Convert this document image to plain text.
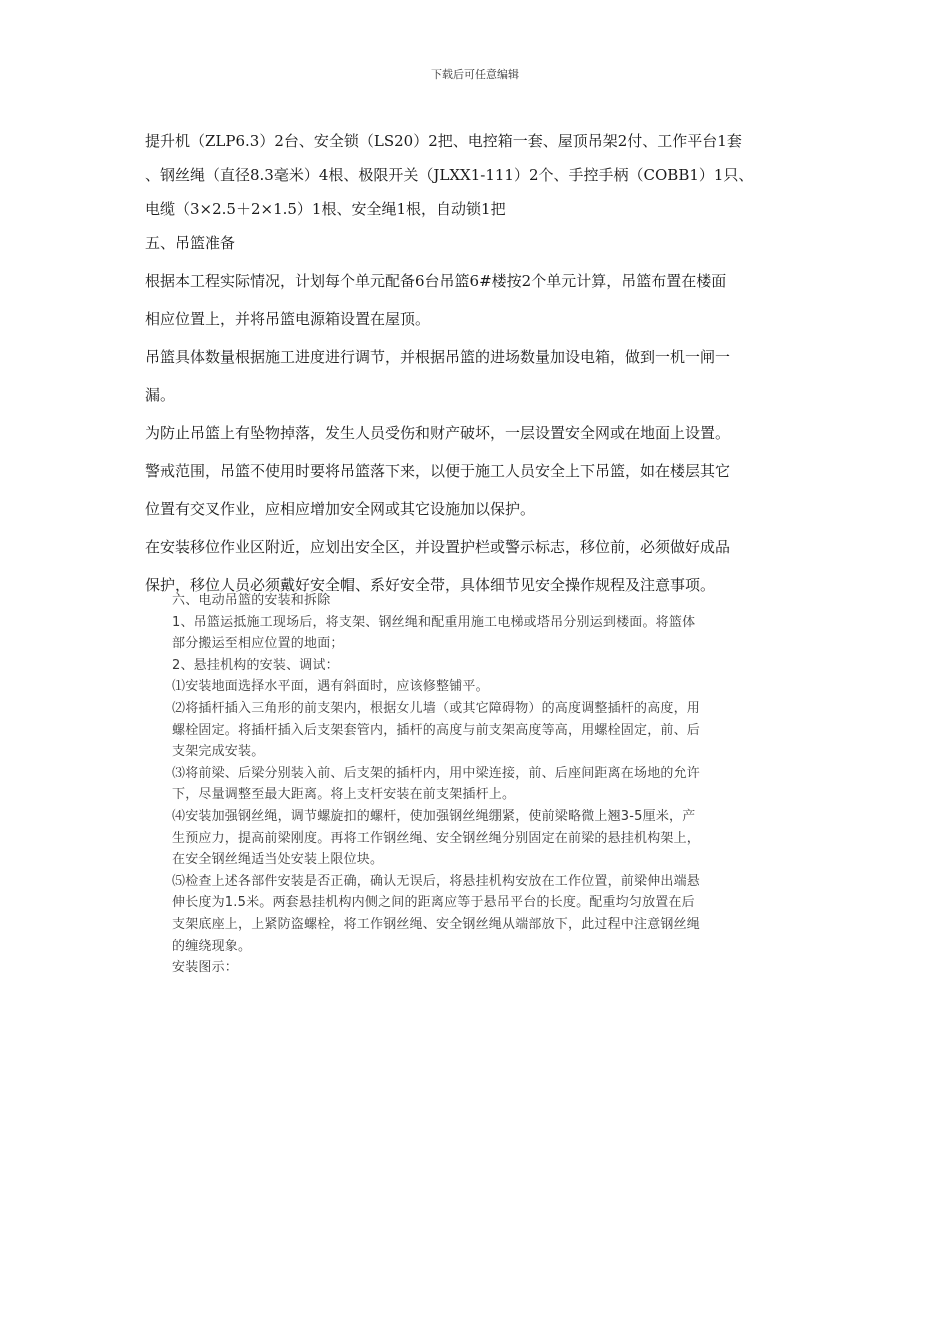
下载后可任意编辑
提升机（ZLP6.3）2台、安全锁（LS20）2把、电控箱一套、屋顶吊架2付、工作平台1套
、钢丝绳（直径8.3毫米）4根、极限开关（JLXX1-111）2个、手控手柄（COBB1）1只、
电缆（3×2.5＋2×1.5）1根、安全绳1根，自动锁1把
五、吊篮准备
根据本工程实际情况，计划每个单元配备6台吊篮6#楼按2个单元计算，吊篮布置在楼面
相应位置上，并将吊篮电源箱设置在屋顶。
吊篮具体数量根据施工进度进行调节，并根据吊篮的进场数量加设电箱，做到一机一闸一
漏。
为防止吊篮上有坠物掉落，发生人员受伤和财产破坏，一层设置安全网或在地面上设置。
警戒范围，吊篮不使用时要将吊篮落下来，以便于施工人员安全上下吊篮，如在楼层其它
位置有交叉作业，应相应增加安全网或其它设施加以保护。
在安装移位作业区附近，应划出安全区，并设置护栏或警示标志，移位前，必须做好成品
保护，移位人员必须戴好安全帽、系好安全带，具体细节见安全操作规程及注意事项。
六、电动吊篮的安装和拆除
1、吊篮运抵施工现场后，将支架、钢丝绳和配重用施工电梯或塔吊分别运到楼面。将篮体
部分搬运至相应位置的地面；
2、悬挂机构的安装、调试：
⑴安装地面选择水平面，遇有斜面时，应该修整铺平。
⑵将插杆插入三角形的前支架内，根据女儿墙（或其它障碍物）的高度调整插杆的高度，用
螺栓固定。将插杆插入后支架套管内，插杆的高度与前支架高度等高，用螺栓固定，前、后
支架完成安装。
⑶将前梁、后梁分别装入前、后支架的插杆内，用中梁连接，前、后座间距离在场地的允许
下，尽量调整至最大距离。将上支杆安装在前支架插杆上。
⑷安装加强钢丝绳，调节螺旋扣的螺杆，使加强钢丝绳绷紧，使前梁略微上翘3-5厘米，产
生预应力，提高前梁刚度。再将工作钢丝绳、安全钢丝绳分别固定在前梁的悬挂机构架上，
在安全钢丝绳适当处安装上限位块。
⑸检查上述各部件安装是否正确，确认无误后，将悬挂机构安放在工作位置，前梁伸出端悬
伸长度为1.5米。两套悬挂机构内侧之间的距离应等于悬吊平台的长度。配重均匀放置在后
支架底座上，上紧防盗螺栓，将工作钢丝绳、安全钢丝绳从端部放下，此过程中注意钢丝绳
的缠绕现象。
安装图示：
